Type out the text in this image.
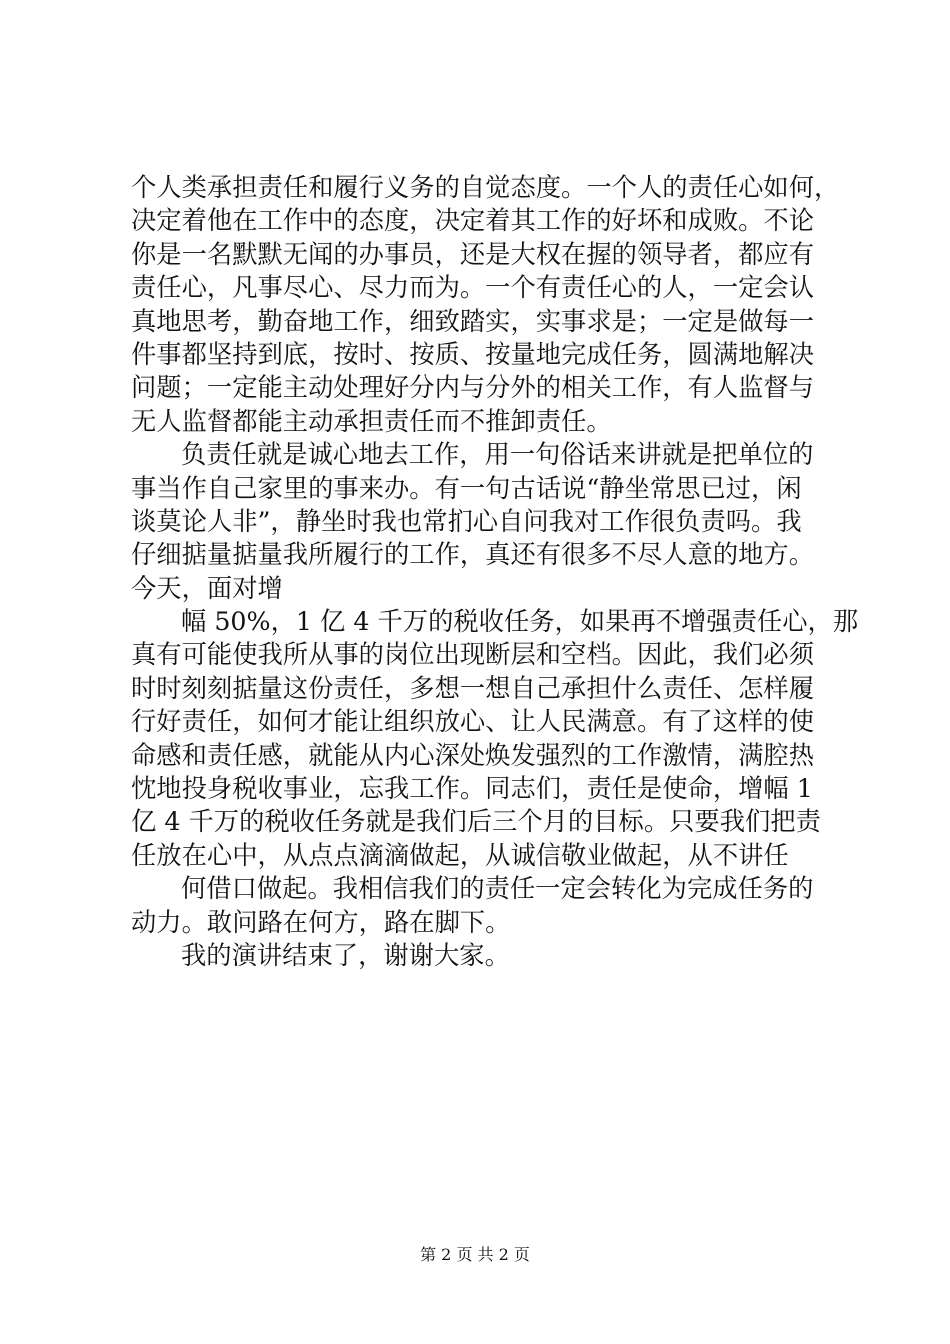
个人类承担责任和履行义务的自觉态度。一个人的责任心如何，
决定着他在工作中的态度，决定着其工作的好坏和成败。不论
你是一名默默无闻的办事员，还是大权在握的领导者，都应有
责任心，凡事尽心、尽力而为。一个有责任心的人，一定会认
真地思考，勤奋地工作，细致踏实，实事求是；一定是做每一
件事都坚持到底，按时、按质、按量地完成任务，圆满地解决
问题；一定能主动处理好分内与分外的相关工作，有人监督与
无人监督都能主动承担责任而不推卸责任。
负责任就是诚心地去工作，用一句俗话来讲就是把单位的
事当作自己家里的事来办。有一句古话说“静坐常思已过，闲
谈莫论人非”，静坐时我也常扪心自问我对工作很负责吗。我
仔细掂量掂量我所履行的工作，真还有很多不尽人意的地方。
今天，面对增
幅 50%，1 亿 4 千万的税收任务，如果再不增强责任心，那
真有可能使我所从事的岗位出现断层和空档。因此，我们必须
时时刻刻掂量这份责任，多想一想自己承担什么责任、怎样履
行好责任，如何才能让组织放心、让人民满意。有了这样的使
命感和责任感，就能从内心深处焕发强烈的工作激情，满腔热
忱地投身税收事业，忘我工作。同志们，责任是使命，增幅 1
亿 4 千万的税收任务就是我们后三个月的目标。只要我们把责
任放在心中，从点点滴滴做起，从诚信敬业做起，从不讲任
何借口做起。我相信我们的责任一定会转化为完成任务的
动力。敢问路在何方，路在脚下。
我的演讲结束了，谢谢大家。
第 2 页 共 2 页
